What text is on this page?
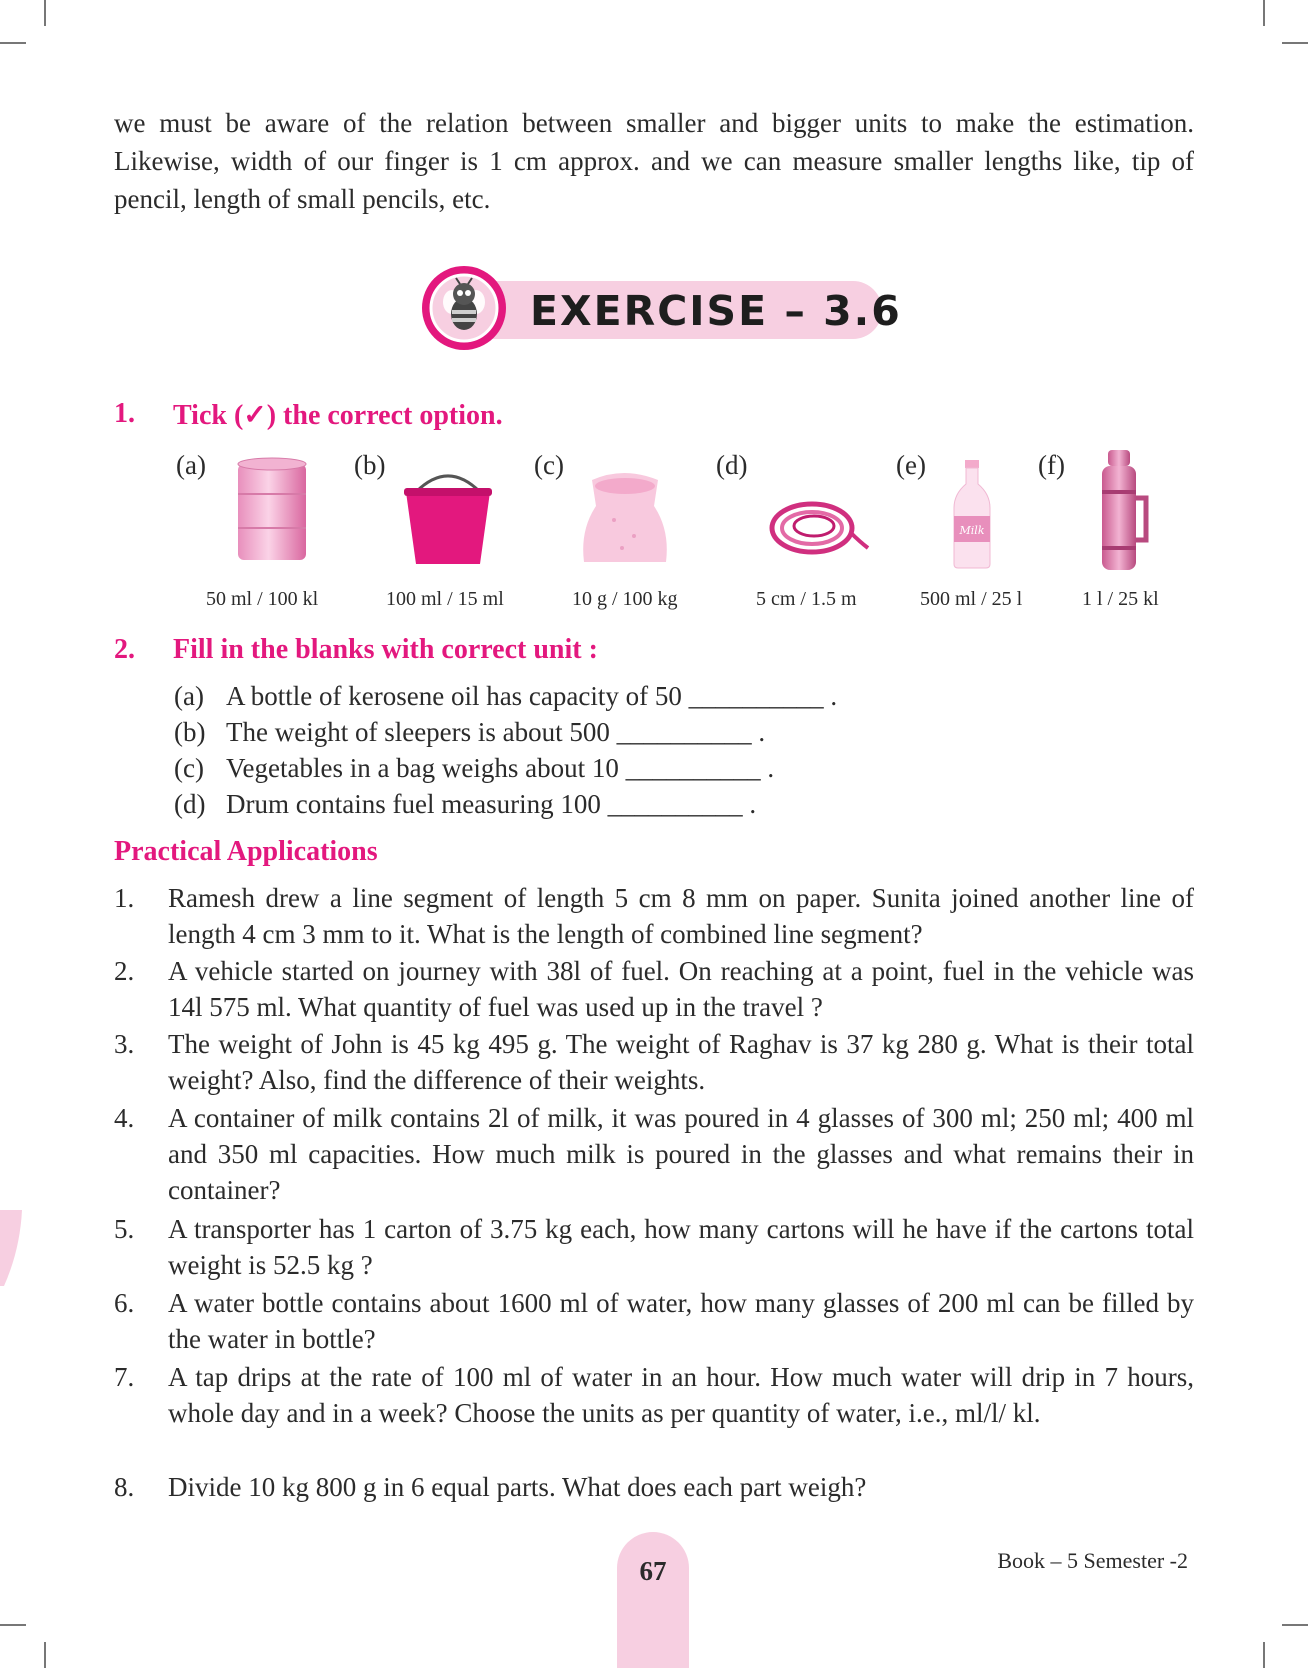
we must be aware of the relation between smaller and bigger units to make the estimation. Likewise, width of our finger is 1 cm approx. and we can measure smaller lengths like, tip of pencil, length of small pencils, etc.

EXERCISE – 3.6
1. Tick (✓) the correct option.
(a)
50 ml / 100 kl
(b)
100 ml / 15 ml
(c)
10 g / 100 kg
(d)
5 cm / 1.5 m
(e)
Milk
500 ml / 25 l
(f)
1 l / 25 kl
2. Fill in the blanks with correct unit :
(a) A bottle of kerosene oil has capacity of 50 __________ .
(b) The weight of sleepers is about 500 __________ .
(c) Vegetables in a bag weighs about 10 __________ .
(d) Drum contains fuel measuring 100 __________ .
Practical Applications
1. Ramesh drew a line segment of length 5 cm 8 mm on paper. Sunita joined another line of length 4 cm 3 mm to it. What is the length of combined line segment?
2. A vehicle started on journey with 38l of fuel. On reaching at a point, fuel in the vehicle was 14l 575 ml. What quantity of fuel was used up in the travel ?
3. The weight of John is 45 kg 495 g. The weight of Raghav is 37 kg 280 g. What is their total weight? Also, find the difference of their weights.
4. A container of milk contains 2l of milk, it was poured in 4 glasses of 300 ml; 250 ml; 400 ml and 350 ml capacities. How much milk is poured in the glasses and what remains their in container?
5. A transporter has 1 carton of 3.75 kg each, how many cartons will he have if the cartons total weight is 52.5 kg ?
6. A water bottle contains about 1600 ml of water, how many glasses of 200 ml can be filled by the water in bottle?
7. A tap drips at the rate of 100 ml of water in an hour. How much water will drip in 7 hours, whole day and in a week? Choose the units as per quantity of water, i.e., ml/l/ kl.
8. Divide 10 kg 800 g in 6 equal parts. What does each part weigh?
67	Book – 5 Semester -2
